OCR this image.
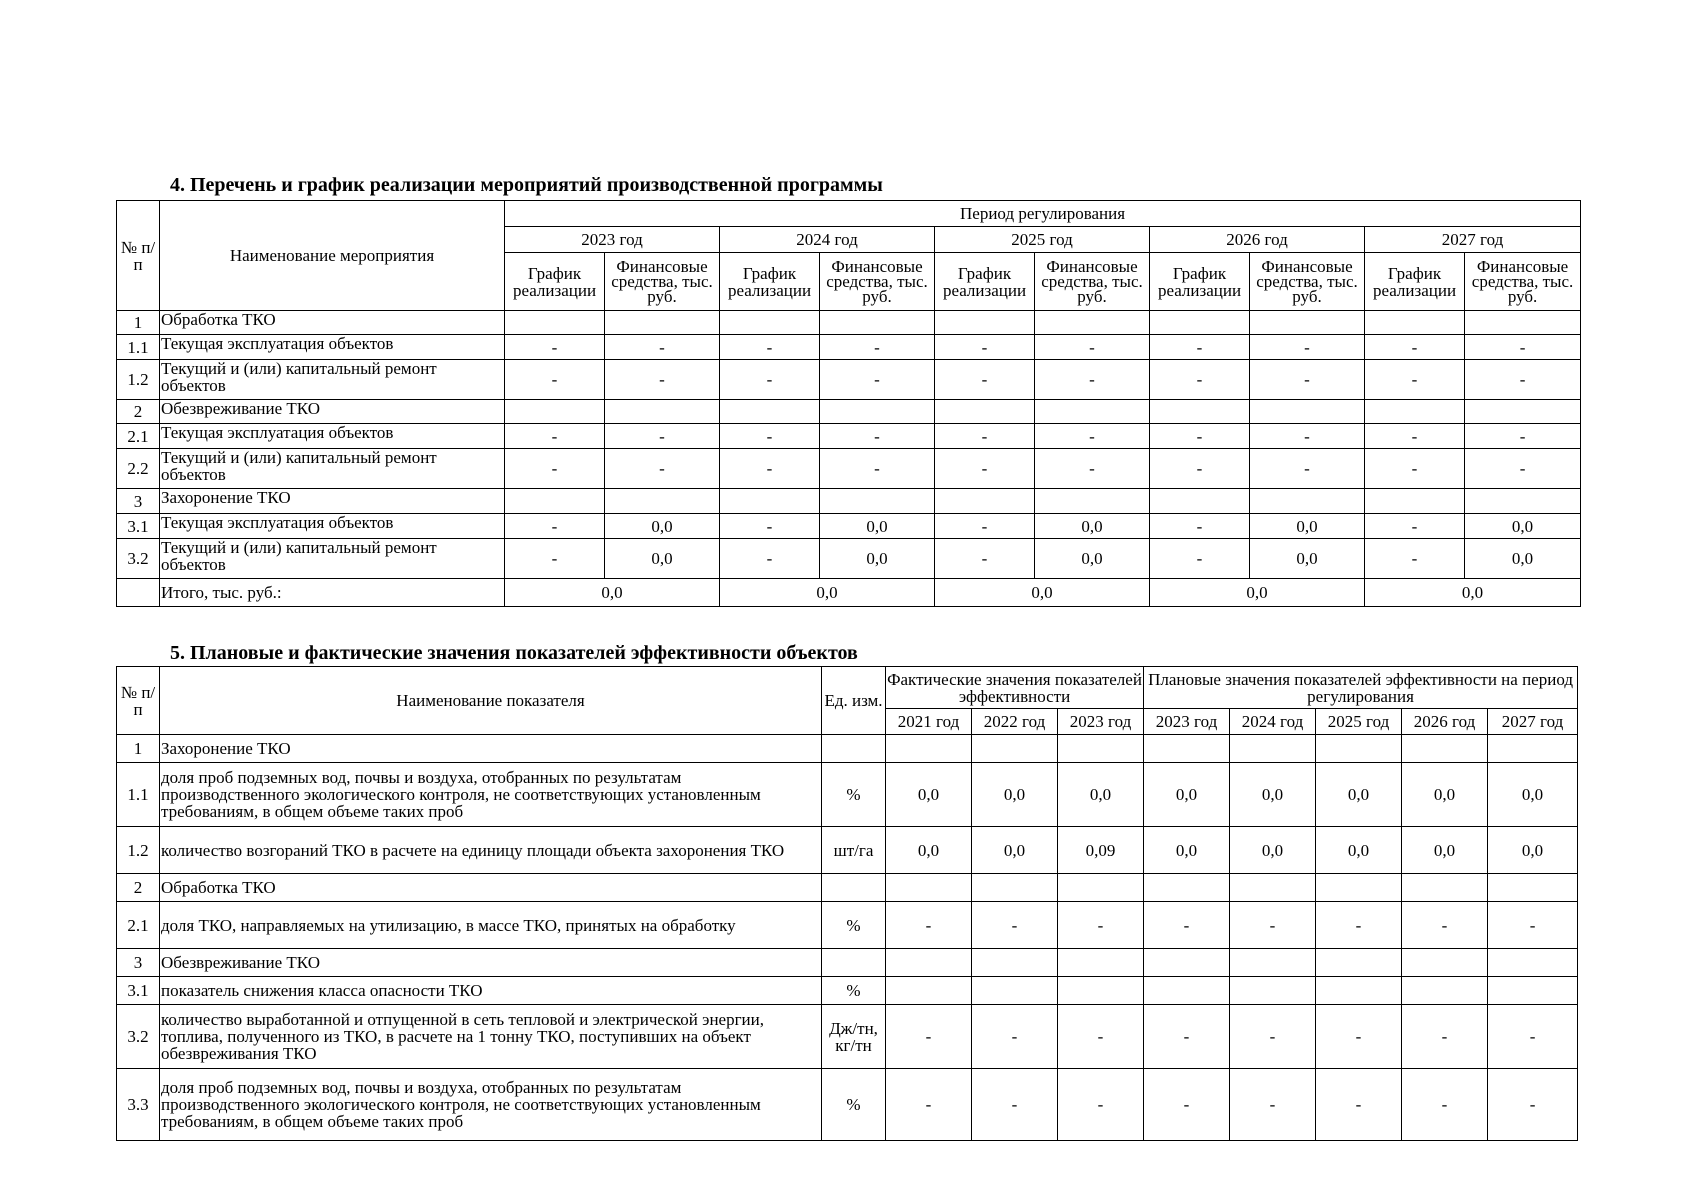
4. Перечень и график реализации мероприятий производственной программы
№ п/п	Наименование мероприятия	Период регулирования									
		2023 год		2024 год		2025 год		2026 год		2027 год	
		График реализации	Финансовые средства, тыс. руб.	График реализации	Финансовые средства, тыс. руб.	График реализации	Финансовые средства, тыс. руб.	График реализации	Финансовые средства, тыс. руб.	График реализации	Финансовые средства, тыс. руб.
1	Обработка ТКО										
1.1	Текущая эксплуатация объектов	-	-	-	-	-	-	-	-	-	-
1.2	Текущий и (или) капитальный ремонт объектов	-	-	-	-	-	-	-	-	-	-
2	Обезвреживание ТКО										
2.1	Текущая эксплуатация объектов	-	-	-	-	-	-	-	-	-	-
2.2	Текущий и (или) капитальный ремонт объектов	-	-	-	-	-	-	-	-	-	-
3	Захоронение ТКО										
3.1	Текущая эксплуатация объектов	-	0,0	-	0,0	-	0,0	-	0,0	-	0,0
3.2	Текущий и (или) капитальный ремонт объектов	-	0,0	-	0,0	-	0,0	-	0,0	-	0,0
	Итого, тыс. руб.:	0,0		0,0		0,0		0,0		0,0	
5. Плановые и фактические значения показателей эффективности объектов
№ п/п	Наименование показателя	Ед. изм.	Фактические значения показателей эффективности			Плановые значения показателей эффективности на период регулирования				
			2021 год	2022 год	2023 год	2023 год	2024 год	2025 год	2026 год	2027 год
1	Захоронение ТКО									
1.1	доля проб подземных вод, почвы и воздуха, отобранных по результатам производственного экологического контроля, не соответствующих установленным требованиям, в общем объеме таких проб	%	0,0	0,0	0,0	0,0	0,0	0,0	0,0	0,0
1.2	количество возгораний ТКО в расчете на единицу площади объекта захоронения ТКО	шт/га	0,0	0,0	0,09	0,0	0,0	0,0	0,0	0,0
2	Обработка ТКО									
2.1	доля ТКО, направляемых на утилизацию, в массе ТКО, принятых на обработку	%	-	-	-	-	-	-	-	-
3	Обезвреживание ТКО									
3.1	показатель снижения класса опасности ТКО	%								
3.2	количество выработанной и отпущенной в сеть тепловой и электрической энергии, топлива, полученного из ТКО, в расчете на 1 тонну ТКО, поступивших на объект обезвреживания ТКО	Дж/тн, кг/тн	-	-	-	-	-	-	-	-
3.3	доля проб подземных вод, почвы и воздуха, отобранных по результатам производственного экологического контроля, не соответствующих установленным требованиям, в общем объеме таких проб	%	-	-	-	-	-	-	-	-
